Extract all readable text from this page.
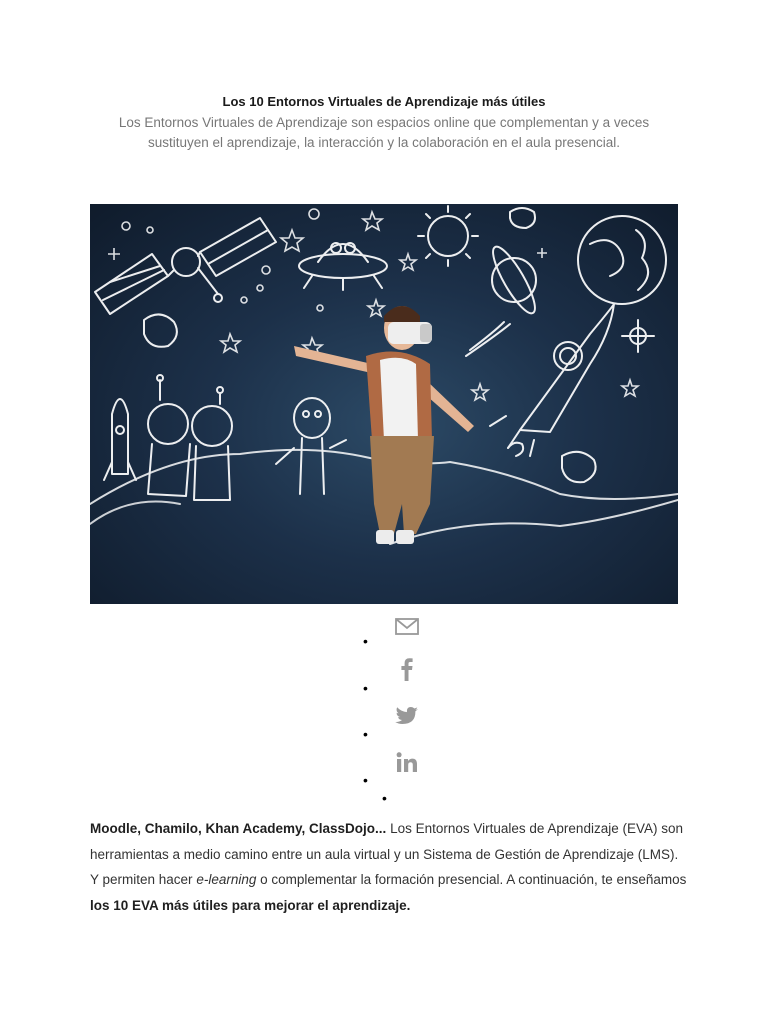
Los 10 Entornos Virtuales de Aprendizaje más útiles
Los Entornos Virtuales de Aprendizaje son espacios online que complementan y a veces sustituyen el aprendizaje, la interacción y la colaboración en el aula presencial.
•
•
•
•
•

Moodle, Chamilo, Khan Academy, ClassDojo... Los Entornos Virtuales de Aprendizaje (EVA) son herramientas a medio camino entre un aula virtual y un Sistema de Gestión de Aprendizaje (LMS). Y permiten hacer e-learning o complementar la formación presencial. A continuación, te enseñamos los 10 EVA más útiles para mejorar el aprendizaje.
